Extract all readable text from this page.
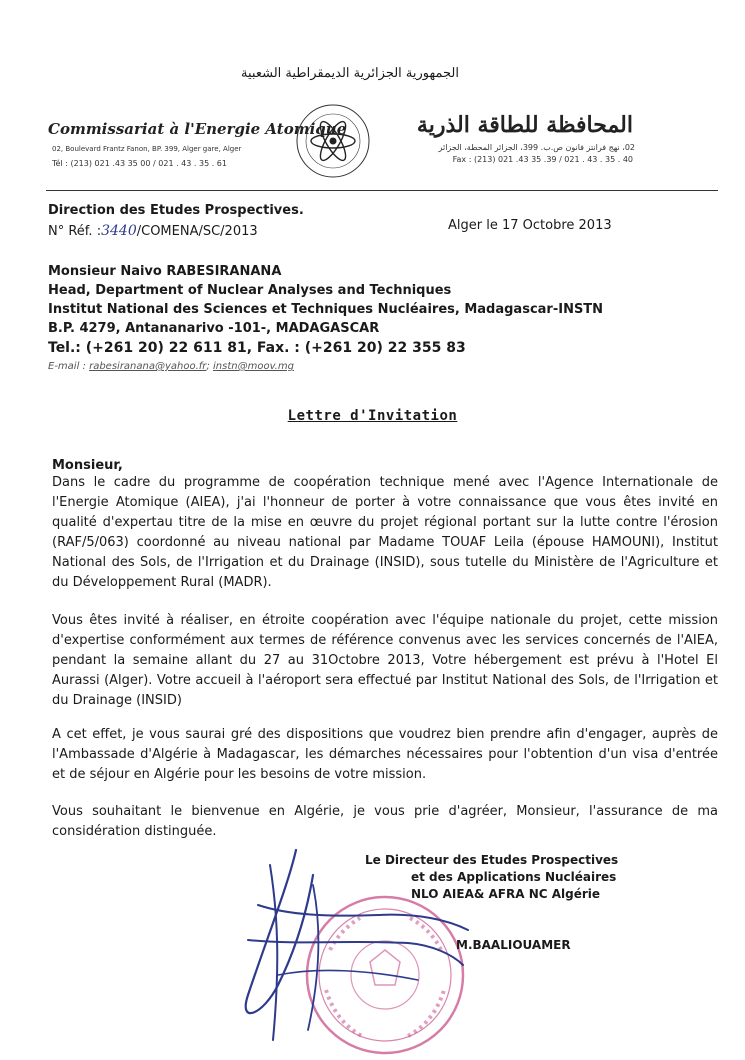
الجمهورية الجزائرية الديمقراطية الشعبية
Commissariat à l'Energie Atomique
02, Boulevard Frantz Fanon, BP. 399, Alger gare, Alger
Tél : (213) 021 .43 35 00 / 021 . 43 . 35 . 61
المحافظة للطاقة الذرية
02، نهج فرانتز فانون ص.ب. 399، الجزائر المحطة، الجزائر
Fax : (213) 021 .43 35 .39 / 021 . 43 . 35 . 40
Direction des Etudes Prospectives.
N° Réf. :3440/COMENA/SC/2013	Alger le 17 Octobre 2013
Monsieur Naivo RABESIRANANA
Head, Department of Nuclear Analyses and Techniques
Institut National des Sciences et Techniques Nucléaires, Madagascar-INSTN
B.P. 4279, Antananarivo -101-, MADAGASCAR
Tel.: (+261 20) 22 611 81, Fax. : (+261 20) 22 355 83
E-mail : rabesiranana@yahoo.fr; instn@moov.mg
Lettre d'Invitation
Monsieur,
Dans le cadre du programme de coopération technique mené avec l'Agence Internationale de l'Energie Atomique (AIEA), j'ai l'honneur de porter à votre connaissance que vous êtes invité en qualité d'expertau titre de la mise en œuvre du projet régional portant sur la lutte contre l'érosion (RAF/5/063) coordonné au niveau national par Madame TOUAF Leila (épouse HAMOUNI), Institut National des Sols, de l'Irrigation et du Drainage (INSID), sous tutelle du Ministère de l'Agriculture et du Développement Rural (MADR).
Vous êtes invité à réaliser, en étroite coopération avec l'équipe nationale du projet, cette mission d'expertise conformément aux termes de référence convenus avec les services concernés de l'AIEA, pendant la semaine allant du 27 au 31Octobre 2013, Votre hébergement est prévu à l'Hotel El Aurassi (Alger). Votre accueil à l'aéroport sera effectué par Institut National des Sols, de l'Irrigation et du Drainage (INSID)
A cet effet, je vous saurai gré des dispositions que voudrez bien prendre afin d'engager, auprès de l'Ambassade d'Algérie à Madagascar, les démarches nécessaires pour l'obtention d'un visa d'entrée et de séjour en Algérie pour les besoins de votre mission.
Vous souhaitant le bienvenue en Algérie, je vous prie d'agréer, Monsieur, l'assurance de ma considération distinguée.
Le Directeur des Etudes Prospectives
et des Applications Nucléaires
NLO AIEA& AFRA NC Algérie
M.BAALIOUAMER
